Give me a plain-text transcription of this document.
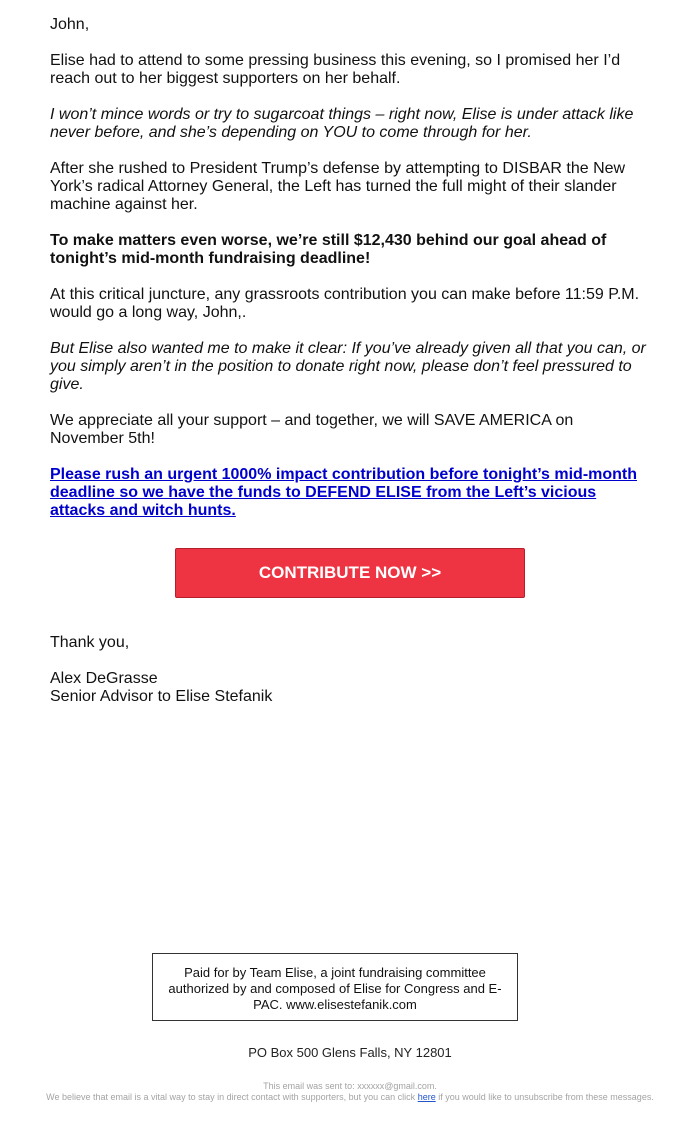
John,

Elise had to attend to some pressing business this evening, so I promised her I’d reach out to her biggest supporters on her behalf.

I won’t mince words or try to sugarcoat things – right now, Elise is under attack like never before, and she’s depending on YOU to come through for her.

After she rushed to President Trump’s defense by attempting to DISBAR the New York’s radical Attorney General, the Left has turned the full might of their slander machine against her.

To make matters even worse, we’re still $12,430 behind our goal ahead of tonight’s mid-month fundraising deadline!

At this critical juncture, any grassroots contribution you can make before 11:59 P.M. would go a long way, John,.

But Elise also wanted me to make it clear: If you’ve already given all that you can, or you simply aren’t in the position to donate right now, please don’t feel pressured to give.

We appreciate all your support – and together, we will SAVE AMERICA on November 5th!

Please rush an urgent 1000% impact contribution before tonight’s mid-month deadline so we have the funds to DEFEND ELISE from the Left’s vicious attacks and witch hunts.
CONTRIBUTE NOW >>

Thank you,

Alex DeGrasse
Senior Advisor to Elise Stefanik
Paid for by Team Elise, a joint fundraising committee authorized by and composed of Elise for Congress and E-PAC. www.elisestefanik.com
PO Box 500 Glens Falls, NY 12801
This email was sent to: xxxxxx@gmail.com.
We believe that email is a vital way to stay in direct contact with supporters, but you can click here if you would like to unsubscribe from these messages.
